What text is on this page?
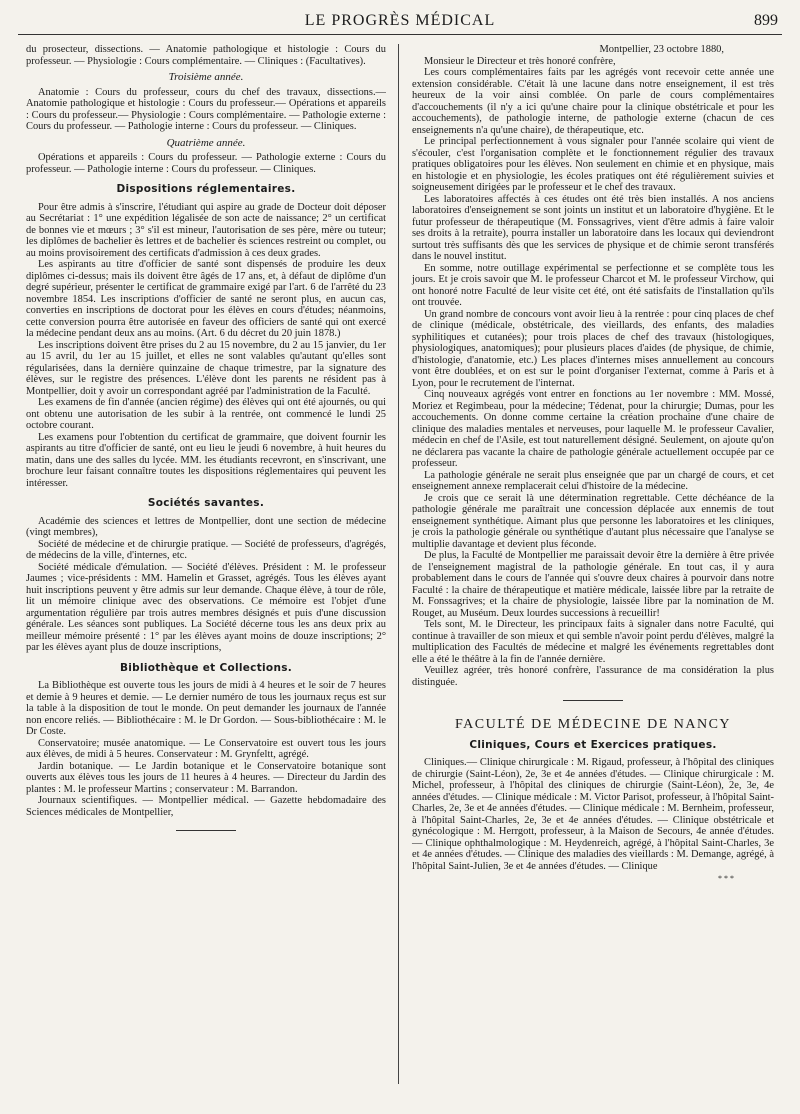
LE PROGRÈS MÉDICAL	899

du prosecteur, dissections. — Anatomie pathologique et histologie : Cours du professeur. — Physiologie : Cours complémentaire. — Cliniques : (Facultatives).

Troisième année.

Anatomie : Cours du professeur, cours du chef des travaux, dissections.— Anatomie pathologique et histologie : Cours du professeur.— Opérations et appareils : Cours du professeur.— Physiologie : Cours complémentaire. — Pathologie externe : Cours du professeur. — Pathologie interne : Cours du professeur. — Cliniques.

Quatrième année.

Opérations et appareils : Cours du professeur. — Pathologie externe : Cours du professeur. — Pathologie interne : Cours du professeur. — Cliniques.

Dispositions réglementaires.

Pour être admis à s'inscrire, l'étudiant qui aspire au grade de Docteur doit déposer au Secrétariat : 1° une expédition légalisée de son acte de naissance; 2° un certificat de bonnes vie et mœurs ; 3° s'il est mineur, l'autorisation de ses père, mère ou tuteur; les diplômes de bachelier ès lettres et de bachelier ès sciences restreint ou complet, ou au moins provisoirement des certificats d'admission à ces deux grades.

Les aspirants au titre d'officier de santé sont dispensés de produire les deux diplômes ci-dessus; mais ils doivent être âgés de 17 ans, et, à défaut de diplôme d'un degré supérieur, présenter le certificat de grammaire exigé par l'art. 6 de l'arrêté du 23 novembre 1854. Les inscriptions d'officier de santé ne seront plus, en aucun cas, converties en inscriptions de doctorat pour les élèves en cours d'études; néanmoins, cette conversion pourra être autorisée en faveur des officiers de santé qui ont exercé la médecine pendant deux ans au moins. (Art. 6 du décret du 20 juin 1878.)

Les inscriptions doivent être prises du 2 au 15 novembre, du 2 au 15 janvier, du 1er au 15 avril, du 1er au 15 juillet, et elles ne sont valables qu'autant qu'elles sont régularisées, dans la dernière quinzaine de chaque trimestre, par la signature des élèves, sur le registre des présences. L'élève dont les parents ne résident pas à Montpellier, doit y avoir un correspondant agréé par l'administration de la Faculté.

Les examens de fin d'année (ancien régime) des élèves qui ont été ajournés, ou qui ont obtenu une autorisation de les subir à la rentrée, ont commencé le lundi 25 octobre courant.

Les examens pour l'obtention du certificat de grammaire, que doivent fournir les aspirants au titre d'officier de santé, ont eu lieu le jeudi 6 novembre, à huit heures du matin, dans une des salles du lycée. MM. les étudiants recevront, en s'inscrivant, une brochure leur faisant connaître toutes les dispositions réglementaires qui peuvent les intéresser.

Sociétés savantes.

Académie des sciences et lettres de Montpellier, dont une section de médecine (vingt membres),

Société de médecine et de chirurgie pratique. — Société de professeurs, d'agrégés, de médecins de la ville, d'internes, etc.

Société médicale d'émulation. — Société d'élèves. Président : M. le professeur Jaumes ; vice-présidents : MM. Hamelin et Grasset, agrégés. Tous les élèves ayant huit inscriptions peuvent y être admis sur leur demande. Chaque élève, à tour de rôle, lit un mémoire clinique avec des observations. Ce mémoire est l'objet d'une argumentation régulière par trois autres membres désignés et puis d'une discussion générale. Les séances sont publiques. La Société décerne tous les ans deux prix au meilleur mémoire présenté : 1° par les élèves ayant moins de douze inscriptions; 2° par les élèves ayant plus de douze inscriptions,

Bibliothèque et Collections.

La Bibliothèque est ouverte tous les jours de midi à 4 heures et le soir de 7 heures et demie à 9 heures et demie. — Le dernier numéro de tous les journaux reçus est sur la table à la disposition de tout le monde. On peut demander les journaux de l'année non encore reliés. — Bibliothécaire : M. le Dr Gordon. — Sous-bibliothécaire : M. le Dr Coste.

Conservatoire; musée anatomique. — Le Conservatoire est ouvert tous les jours aux élèves, de midi à 5 heures. Conservateur : M. Grynfeltt, agrégé.

Jardin botanique. — Le Jardin botanique et le Conservatoire botanique sont ouverts aux élèves tous les jours de 11 heures à 4 heures. — Directeur du Jardin des plantes : M. le professeur Martins ; conservateur : M. Barrandon.

Journaux scientifiques. — Montpellier médical. — Gazette hebdomadaire des Sciences médicales de Montpellier,

Montpellier, 23 octobre 1880,

Monsieur le Directeur et très honoré confrère,

Les cours complémentaires faits par les agrégés vont recevoir cette année une extension considérable. C'était là une lacune dans notre enseignement, il est très heureux de la voir ainsi comblée. On parle de cours complémentaires d'accouchements (il n'y a ici qu'une chaire pour la clinique obstétricale et pour les accouchements), de pathologie interne, de pathologie externe (chacun de ces enseignements n'a qu'une chaire), de thérapeutique, etc.

Le principal perfectionnement à vous signaler pour l'année scolaire qui vient de s'écouler, c'est l'organisation complète et le fonctionnement régulier des travaux pratiques obligatoires pour les élèves. Non seulement en chimie et en physique, mais en histologie et en physiologie, les écoles pratiques ont été régulièrement suivies et soigneusement dirigées par le professeur et le chef des travaux.

Les laboratoires affectés à ces études ont été très bien installés. A nos anciens laboratoires d'enseignement se sont joints un institut et un laboratoire d'hygiène. Et le futur professeur de thérapeutique (M. Fonssagrives, vient d'être admis à faire valoir ses droits à la retraite), pourra installer un laboratoire dans les locaux qui deviendront surtout très suffisants dès que les services de physique et de chimie seront transférés dans le nouvel institut.

En somme, notre outillage expérimental se perfectionne et se complète tous les jours. Et je crois savoir que M. le professeur Charcot et M. le professeur Virchow, qui ont honoré notre Faculté de leur visite cet été, ont été satisfaits de l'installation qu'ils ont trouvée.

Un grand nombre de concours vont avoir lieu à la rentrée : pour cinq places de chef de clinique (médicale, obstétricale, des vieillards, des enfants, des maladies syphilitiques et cutanées); pour trois places de chef des travaux (histologiques, physiologiques, anatomiques); pour plusieurs places d'aides (de physique, de chimie, d'histologie, d'anatomie, etc.) Les places d'internes mises annuellement au concours vont être doublées, et on est sur le point d'organiser l'externat, comme à Paris et à Lyon, pour le recrutement de l'internat.

Cinq nouveaux agrégés vont entrer en fonctions au 1er novembre : MM. Mossé, Moriez et Regimbeau, pour la médecine; Tédenat, pour la chirurgie; Dumas, pour les accouchements. On donne comme certaine la création prochaine d'une chaire de clinique des maladies mentales et nerveuses, pour laquelle M. le professeur Cavalier, médecin en chef de l'Asile, est tout naturellement désigné. Seulement, on ajoute qu'on ne déclarera pas vacante la chaire de pathologie générale actuellement occupée par ce professeur.

La pathologie générale ne serait plus enseignée que par un chargé de cours, et cet enseignement annexe remplacerait celui d'histoire de la médecine.

Je crois que ce serait là une détermination regrettable. Cette déchéance de la pathologie générale me paraîtrait une concession déplacée aux ennemis de tout enseignement synthétique. Aimant plus que personne les laboratoires et les cliniques, je crois la pathologie générale ou synthétique d'autant plus nécessaire que l'analyse se multiplie davantage et devient plus féconde.

De plus, la Faculté de Montpellier me paraissait devoir être la dernière à être privée de l'enseignement magistral de la pathologie générale. En tout cas, il y aura probablement dans le cours de l'année qui s'ouvre deux chaires à pourvoir dans notre Faculté : la chaire de thérapeutique et matière médicale, laissée libre par la retraite de M. Fonssagrives; et la chaire de physiologie, laissée libre par la nomination de M. Rouget, au Muséum. Deux lourdes successions à recueillir!

Tels sont, M. le Directeur, les principaux faits à signaler dans notre Faculté, qui continue à travailler de son mieux et qui semble n'avoir point perdu d'élèves, malgré la multiplication des Facultés de médecine et malgré les événements regrettables dont elle a été le théâtre à la fin de l'année dernière.

Veuillez agréer, très honoré confrère, l'assurance de ma considération la plus distinguée.

FACULTÉ DE MÉDECINE DE NANCY
Cliniques, Cours et Exercices pratiques.

Cliniques.— Clinique chirurgicale : M. Rigaud, professeur, à l'hôpital des cliniques de chirurgie (Saint-Léon), 2e, 3e et 4e années d'études. — Clinique chirurgicale : M. Michel, professeur, à l'hôpital des cliniques de chirurgie (Saint-Léon), 2e, 3e, 4e années d'études. — Clinique médicale : M. Victor Parisot, professeur, à l'hôpital Saint-Charles, 2e, 3e et 4e années d'études. — Clinique médicale : M. Bernheim, professeur, à l'hôpital Saint-Charles, 2e, 3e et 4e années d'études. — Clinique obstétricale et gynécologique : M. Herrgott, professeur, à la Maison de Secours, 4e année d'études. — Clinique ophthalmologique : M. Heydenreich, agrégé, à l'hôpital Saint-Charles, 3e et 4e années d'études. — Clinique des maladies des vieillards : M. Demange, agrégé, à l'hôpital Saint-Julien, 3e et 4e années d'études. — Clinique

* * *
